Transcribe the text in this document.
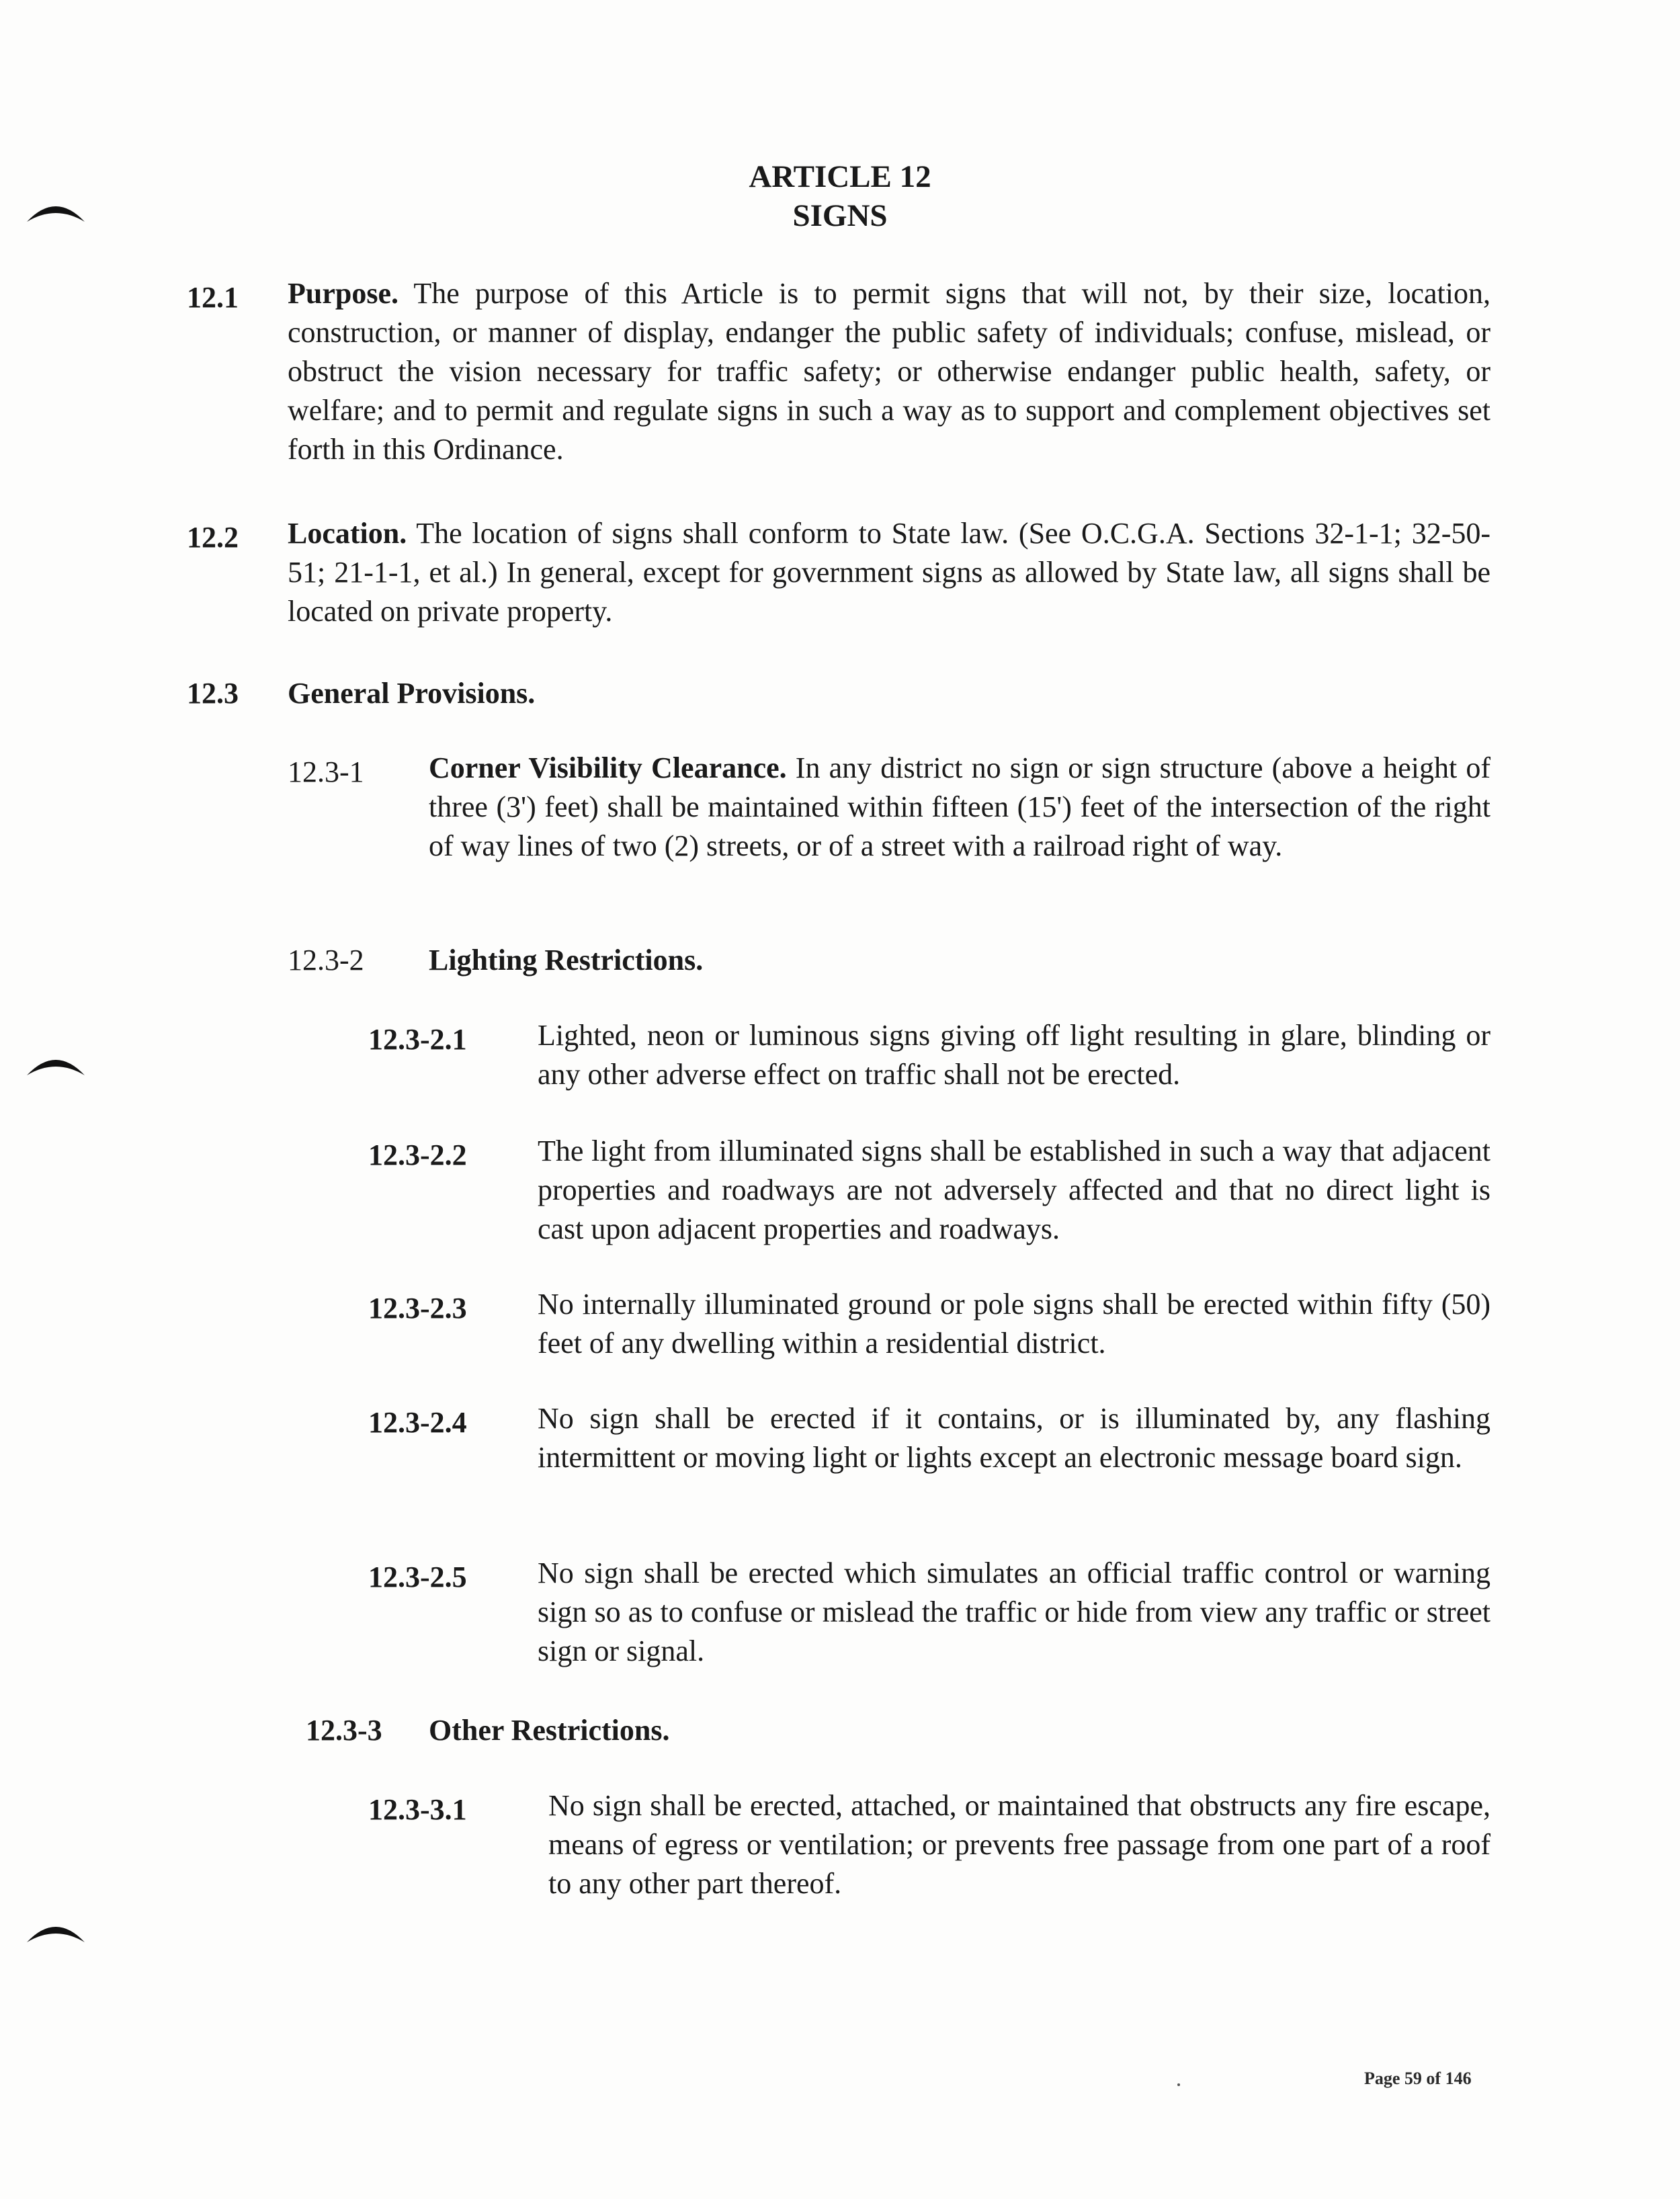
ARTICLE 12
SIGNS
12.1 Purpose. The purpose of this Article is to permit signs that will not, by their size, location, construction, or manner of display, endanger the public safety of individuals; confuse, mislead, or obstruct the vision necessary for traffic safety; or otherwise endanger public health, safety, or welfare; and to permit and regulate signs in such a way as to support and complement objectives set forth in this Ordinance.
12.2 Location. The location of signs shall conform to State law. (See O.C.G.A. Sections 32-1-1; 32-50-51; 21-1-1, et al.) In general, except for government signs as allowed by State law, all signs shall be located on private property.
12.3 General Provisions.
12.3-1 Corner Visibility Clearance. In any district no sign or sign structure (above a height of three (3') feet) shall be maintained within fifteen (15') feet of the intersection of the right of way lines of two (2) streets, or of a street with a railroad right of way.
12.3-2 Lighting Restrictions.
12.3-2.1 Lighted, neon or luminous signs giving off light resulting in glare, blinding or any other adverse effect on traffic shall not be erected.
12.3-2.2 The light from illuminated signs shall be established in such a way that adjacent properties and roadways are not adversely affected and that no direct light is cast upon adjacent properties and roadways.
12.3-2.3 No internally illuminated ground or pole signs shall be erected within fifty (50) feet of any dwelling within a residential district.
12.3-2.4 No sign shall be erected if it contains, or is illuminated by, any flashing intermittent or moving light or lights except an electronic message board sign.
12.3-2.5 No sign shall be erected which simulates an official traffic control or warning sign so as to confuse or mislead the traffic or hide from view any traffic or street sign or signal.
12.3-3 Other Restrictions.
12.3-3.1	No sign shall be erected, attached, or maintained that obstructs any fire escape, means of egress or ventilation; or prevents free passage from one part of a roof to any other part thereof.
Page 59 of 146
